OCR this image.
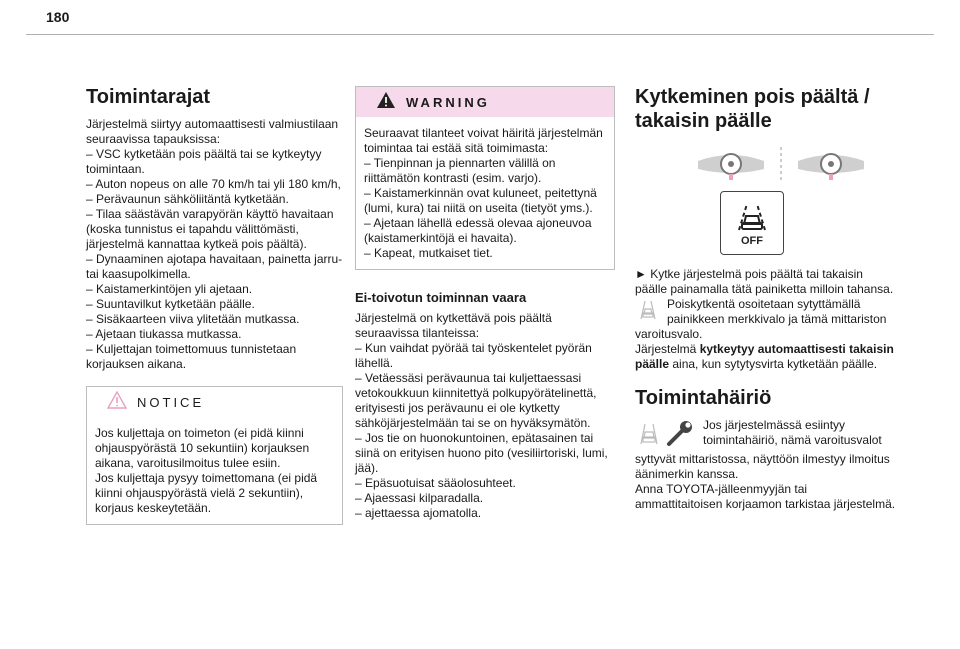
180
Toimintarajat

Järjestelmä siirtyy automaattisesti valmiustilaan

seuraavissa tapauksissa:

– VSC kytketään pois päältä tai se kytkeytyy

toimintaan.

– Auton nopeus on alle 70 km/h tai yli 180 km/h,

– Perävaunun sähköliitäntä kytketään.

– Tilaa säästävän varapyörän käyttö havaitaan

(koska tunnistus ei tapahdu välittömästi,

järjestelmä kannattaa kytkeä pois päältä).

– Dynaaminen ajotapa havaitaan, painetta jarru-

tai kaasupolkimella.

– Kaistamerkintöjen yli ajetaan.

– Suuntavilkut kytketään päälle.

– Sisäkaarteen viiva ylitetään mutkassa.

– Ajetaan tiukassa mutkassa.

– Kuljettajan toimettomuus tunnistetaan

korjauksen aikana.

NOTICE

Jos kuljettaja on toimeton (ei pidä kiinni

ohjauspyörästä 10 sekuntiin) korjauksen

aikana, varoitusilmoitus tulee esiin.

Jos kuljettaja pysyy toimettomana (ei pidä

kiinni ohjauspyörästä vielä 2 sekuntiin),

korjaus keskeytetään.

WARNING

Seuraavat tilanteet voivat häiritä järjestelmän

toimintaa tai estää sitä toimimasta:

– Tienpinnan ja piennarten välillä on

riittämätön kontrasti (esim. varjo).

– Kaistamerkinnän ovat kuluneet, peitettynä

(lumi, kura) tai niitä on useita (tietyöt yms.).

– Ajetaan lähellä edessä olevaa ajoneuvoa

(kaistamerkintöjä ei havaita).

– Kapeat, mutkaiset tiet.

Ei-toivotun toiminnan vaara

Järjestelmä on kytkettävä pois päältä

seuraavissa tilanteissa:

– Kun vaihdat pyörää tai työskentelet pyörän

lähellä.

– Vetäessäsi perävaunua tai kuljettaessasi

vetokoukkuun kiinnitettyä polkupyörätelinettä,

erityisesti jos perävaunu ei ole kytketty

sähköjärjestelmään tai se on hyväksymätön.

– Jos tie on huonokuntoinen, epätasainen tai

siinä on erityisen huono pito (vesiliirtoriski, lumi,

jää).

– Epäsuotuisat sääolosuhteet.

– Ajaessasi kilparadalla.

– ajettaessa ajomatolla.

Kytkeminen pois päältä /
takaisin päälle
OFF

► Kytke järjestelmä pois päältä tai takaisin

päälle painamalla tätä painiketta milloin tahansa.

Poiskytkentä osoitetaan sytyttämällä

painikkeen merkkivalo ja tämä mittariston

varoitusvalo.

Järjestelmä kytkeytyy automaattisesti takaisin
päälle aina, kun sytytysvirta kytketään päälle.

Toimintahäiriö

Jos järjestelmässä esiintyy

toimintahäiriö, nämä varoitusvalot

syttyvät mittaristossa, näyttöön ilmestyy ilmoitus

äänimerkin kanssa.

Anna TOYOTA-jälleenmyyjän tai

ammattitaitoisen korjaamon tarkistaa järjestelmä.
